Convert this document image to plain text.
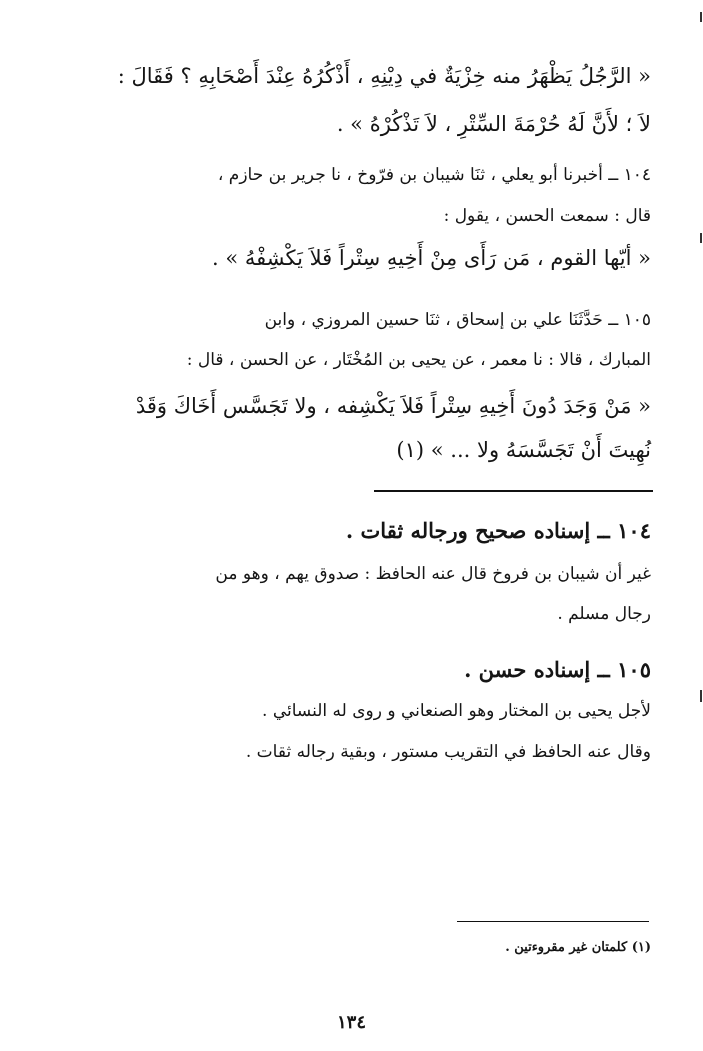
« الرَّجُلُ يَظْهَرُ منه خِزْيَةٌ في دِيْنِهِ ، أَذْكُرُهُ عِنْدَ أَصْحَابِهِ ؟ فَقَالَ :
لاَ ؛ لأَنَّ لَهُ حُرْمَةَ السِّتْرِ ، لاَ تَذْكُرْهُ » .
١٠٤ ــ أخبرنا أبو يعلي ، ثنَا شيبان بن فرّوخ ، نا جرير بن حازم ،
قال : سمعت الحسن ، يقول :
« أيّها القوم ، مَن رَأَى مِنْ أَخِيهِ سِتْراً فَلاَ يَكْشِفْهُ » .
١٠٥ ــ حَدَّثَنَا علي بن إسحاق ، ثنَا حسين المروزي ، وابن
المبارك ، قالا : نا معمر ، عن يحيى بن المُخْتَار ، عن الحسن ، قال :
« مَنْ وَجَدَ دُونَ أَخِيهِ سِتْراً فَلاَ يَكْشِفه ، ولا تَجَسَّس أَخَاكَ وَقَدْ
نُهِيتَ أَنْ تَجَسَّسَهُ ولا ... » (١)
١٠٤ ــ إسناده صحيح ورجاله ثقات .
غير أن شيبان بن فروخ قال عنه الحافظ : صدوق يهم ، وهو من
رجال مسلم .
١٠٥ ــ إسناده حسن .
لأجل يحيى بن المختار وهو الصنعاني و روى له النسائي .
وقال عنه الحافظ في التقريب مستور ، وبقية رجاله ثقات .
(١) كلمتان غير مقروءتين .
١٣٤
